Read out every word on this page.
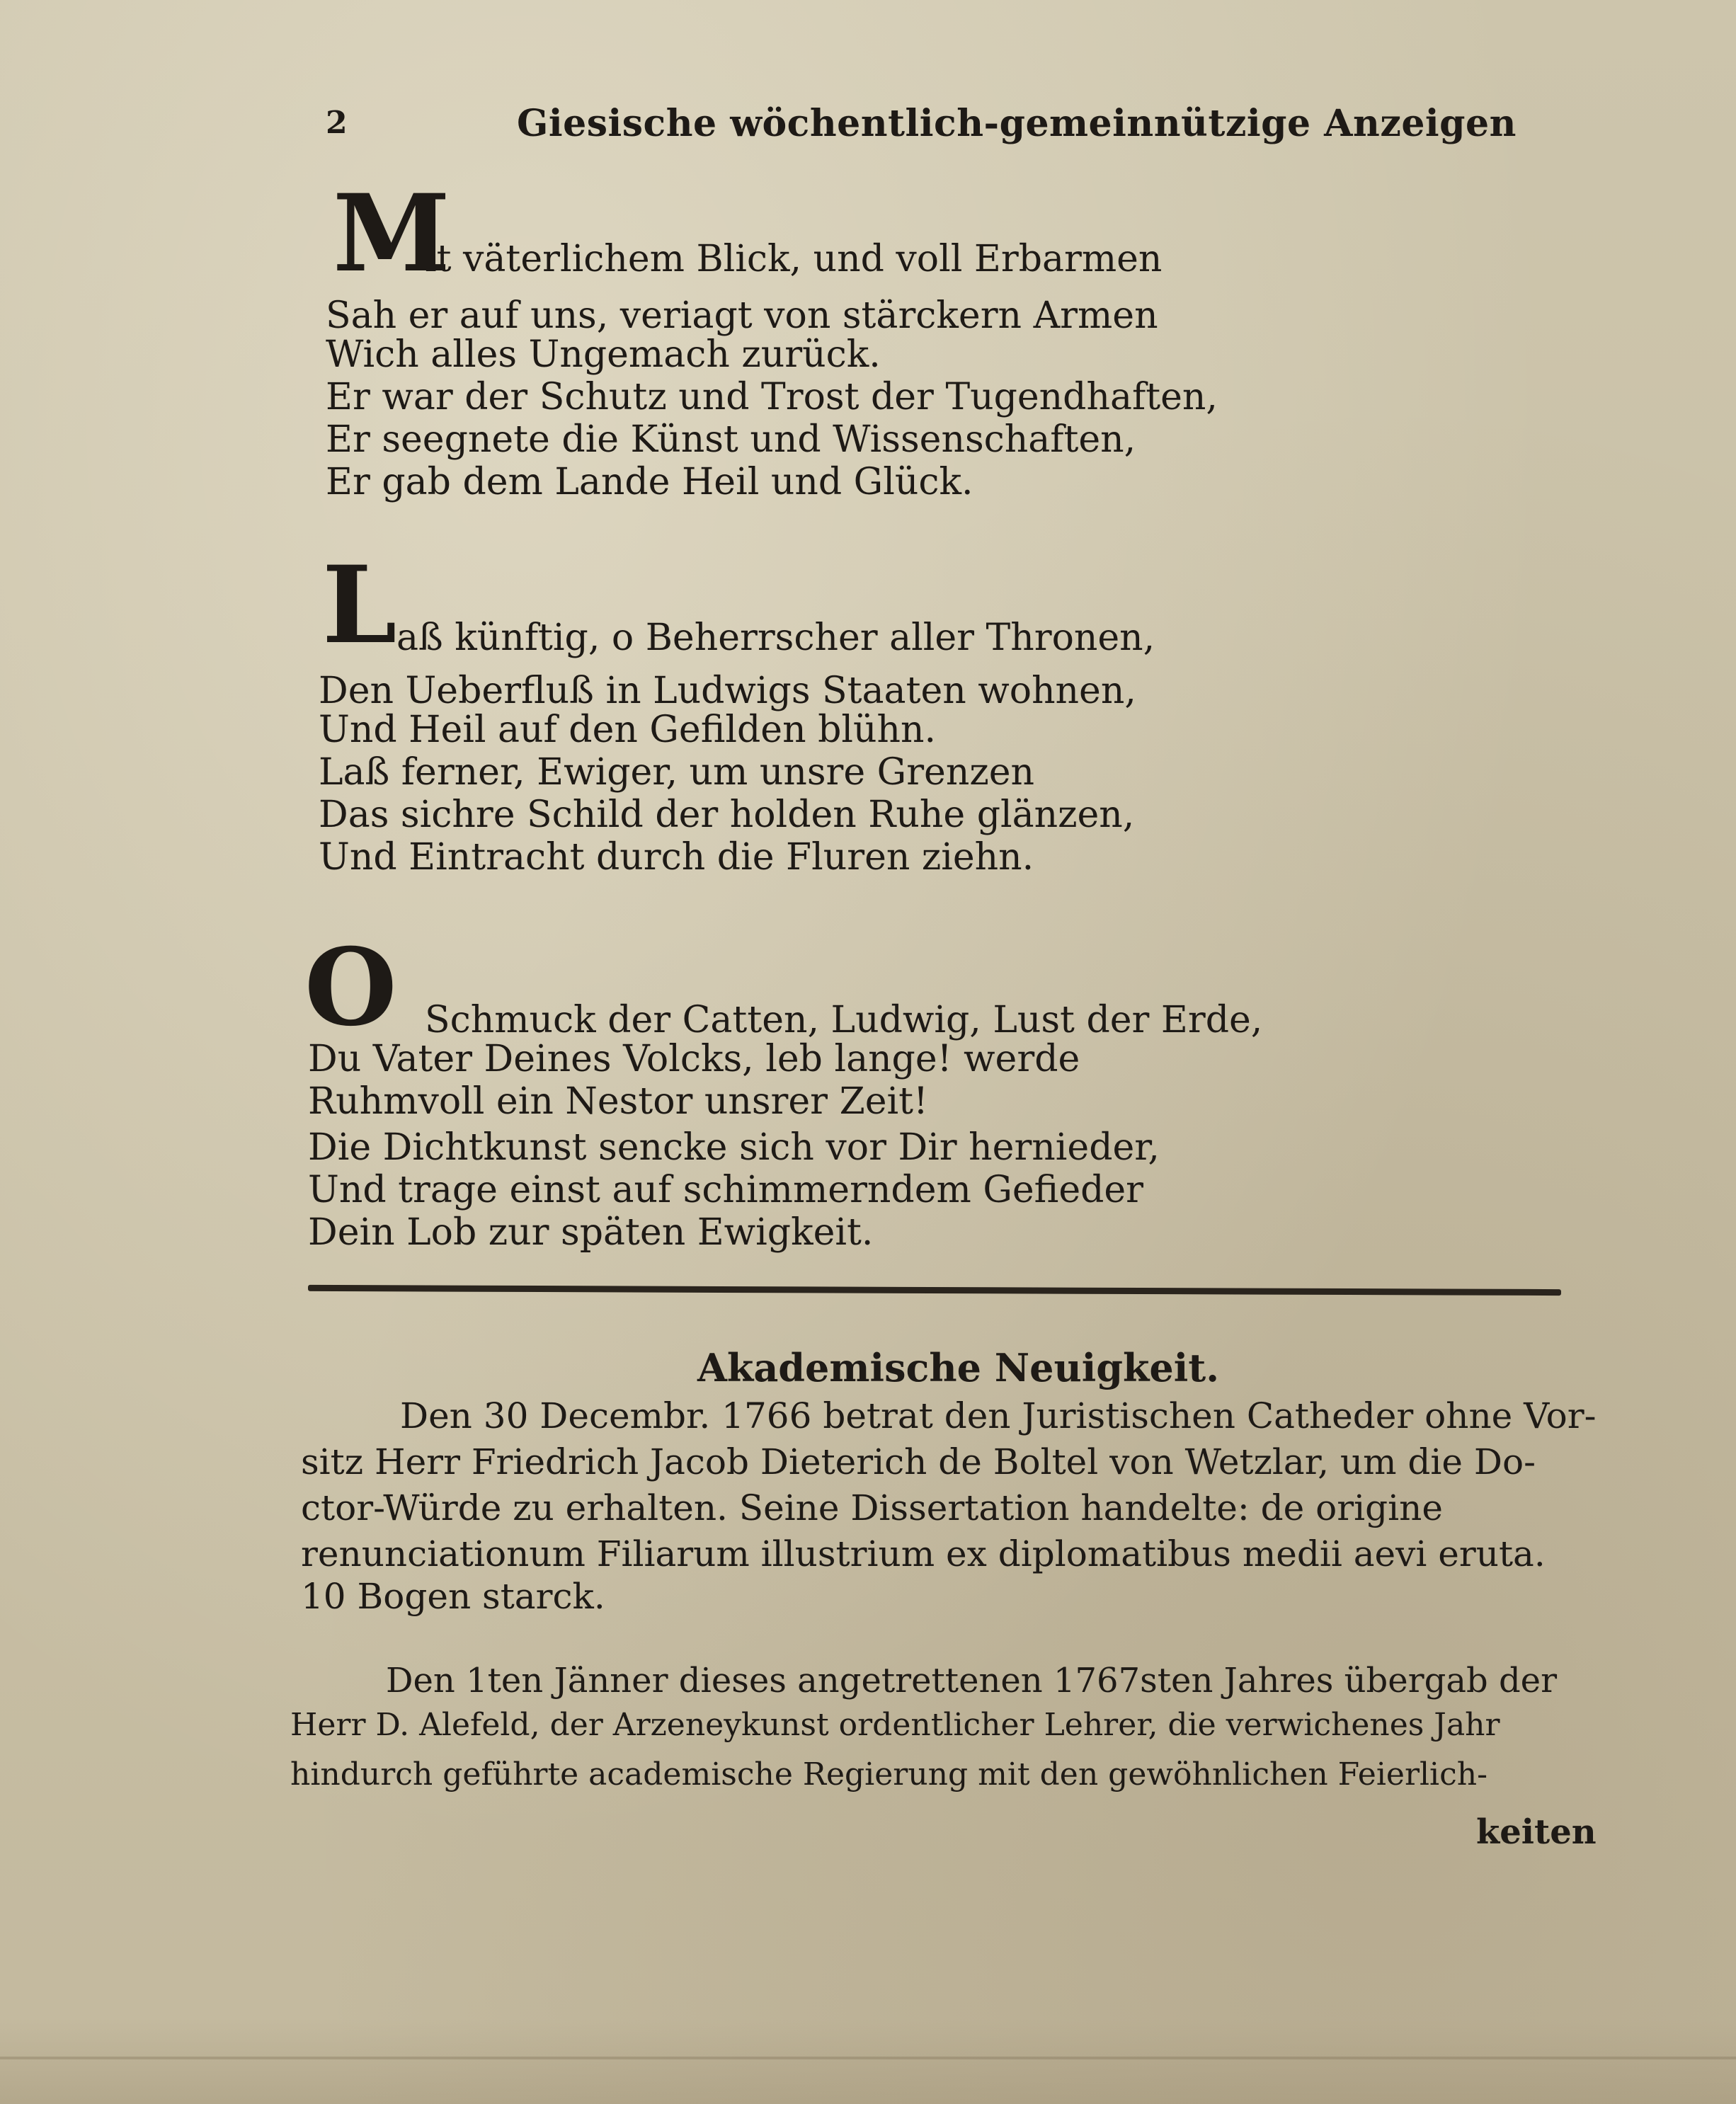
2	Giesische wöchentlich-gemeinnützige Anzeigen
M
it väterlichem Blick, und voll Erbarmen
Sah er auf uns, veriagt von stärckern Armen
Wich alles Ungemach zurück.
Er war der Schutz und Trost der Tugendhaften,
Er seegnete die Künst und Wissenschaften,
Er gab dem Lande Heil und Glück.
L aß künftig, o Beherrscher aller Thronen,
Den Ueberfluß in Ludwigs Staaten wohnen,
Und Heil auf den Gefilden blühn.
Laß ferner, Ewiger, um unsre Grenzen
Das sichre Schild der holden Ruhe glänzen,
Und Eintracht durch die Fluren ziehn.
O Schmuck der Catten, Ludwig, Lust der Erde,
Du Vater Deines Volcks, leb lange! werde
Ruhmvoll ein Nestor unsrer Zeit!
Die Dichtkunst sencke sich vor Dir hernieder,
Und trage einst auf schimmerndem Gefieder
Dein Lob zur späten Ewigkeit.
Akademische Neuigkeit.
Den 30 Decembr. 1766 betrat den Juristischen Catheder ohne Vor-
sitz Herr Friedrich Jacob Dieterich de Boltel von Wetzlar, um die Do-
ctor-Würde zu erhalten. Seine Dissertation handelte: de origine
renunciationum Filiarum illustrium ex diplomatibus medii aevi eruta.
10 Bogen starck.
Den 1ten Jänner dieses angetrettenen 1767sten Jahres übergab der
Herr D. Alefeld, der Arzeneykunst ordentlicher Lehrer, die verwichenes Jahr
hindurch geführte academische Regierung mit den gewöhnlichen Feierlich-
keiten
